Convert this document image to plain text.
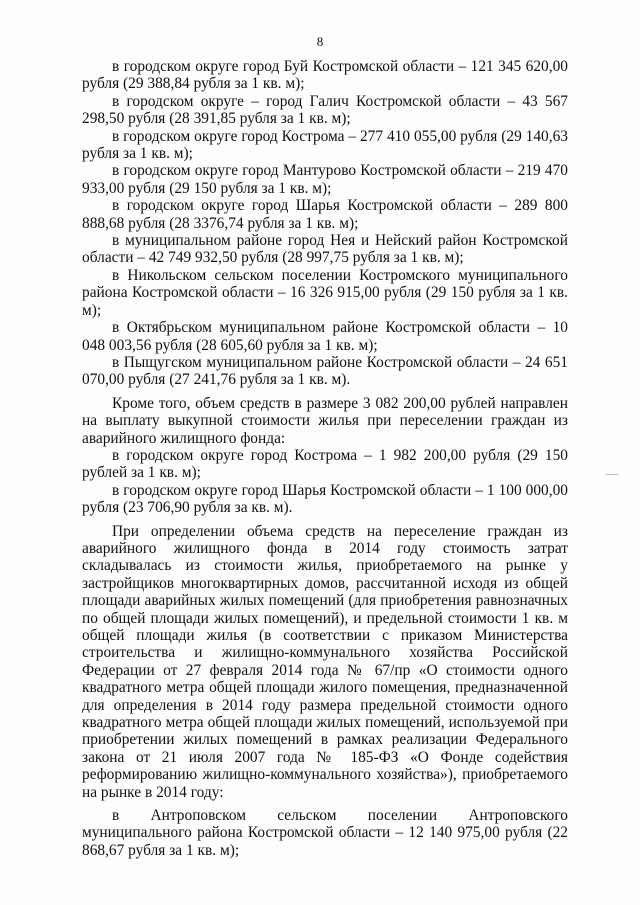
8

в городском округе город Буй Костромской области – 121 345 620,00 рубля (29 388,84 рубля за 1 кв. м);

в городском округе – город Галич Костромской области – 43 567 298,50 рубля (28 391,85 рубля за 1 кв. м);

в городском округе город Кострома – 277 410 055,00 рубля (29 140,63 рубля за 1 кв. м);

в городском округе город Мантурово Костромской области – 219 470 933,00 рубля (29 150 рубля за 1 кв. м);

в городском округе город Шарья Костромской области – 289 800 888,68 рубля (28 3376,74 рубля за 1 кв. м);

в муниципальном районе город Нея и Нейский район Костромской области – 42 749 932,50 рубля (28 997,75 рубля за 1 кв. м);

в Никольском сельском поселении Костромского муниципального района Костромской области – 16 326 915,00 рубля (29 150 рубля за 1 кв. м);

в Октябрьском муниципальном районе Костромской области – 10 048 003,56 рубля (28 605,60 рубля за 1 кв. м);

в Пыщугском муниципальном районе Костромской области – 24 651 070,00 рубля (27 241,76 рубля за 1 кв. м).

Кроме того, объем средств в размере 3 082 200,00 рублей направлен на выплату выкупной стоимости жилья при переселении граждан из аварийного жилищного фонда:

в городском округе город Кострома – 1 982 200,00 рубля (29 150 рублей за 1 кв. м);

в городском округе город Шарья Костромской области – 1 100 000,00 рубля (23 706,90 рубля за кв. м).

При определении объема средств на переселение граждан из аварийного жилищного фонда в 2014 году стоимость затрат складывалась из стоимости жилья, приобретаемого на рынке у застройщиков многоквартирных домов, рассчитанной исходя из общей площади аварийных жилых помещений (для приобретения равнозначных по общей площади жилых помещений), и предельной стоимости 1 кв. м общей площади жилья (в соответствии с приказом Министерства строительства и жилищно-коммунального хозяйства Российской Федерации от 27 февраля 2014 года № 67/пр «О стоимости одного квадратного метра общей площади жилого помещения, предназначенной для определения в 2014 году размера предельной стоимости одного квадратного метра общей площади жилых помещений, используемой при приобретении жилых помещений в рамках реализации Федерального закона от 21 июля 2007 года № 185-ФЗ «О Фонде содействия реформированию жилищно-коммунального хозяйства»), приобретаемого на рынке в 2014 году:

в Антроповском сельском поселении Антроповского муниципального района Костромской области – 12 140 975,00 рубля (22 868,67 рубля за 1 кв. м);
